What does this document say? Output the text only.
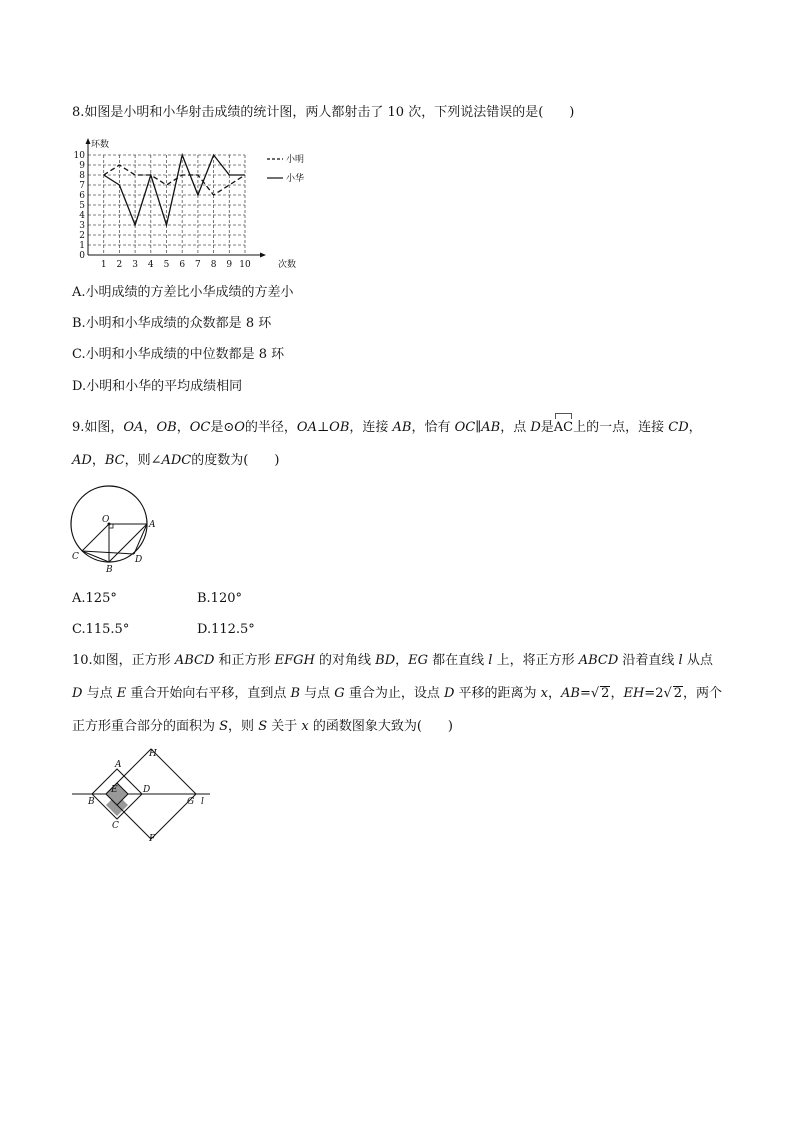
8.如图是小明和小华射击成绩的统计图，两人都射击了 10 次，下列说法错误的是( )
环数
次数
0
1
2
3
4
5
6
7
8
9
10
1 2 3 4 5 6 7 8 9 10
小明
小华
A.小明成绩的方差比小华成绩的方差小
B.小明和小华成绩的众数都是 8 环
C.小明和小华成绩的中位数都是 8 环
D.小明和小华的平均成绩相同
9.如图，OA，OB，OC是⊙O的半径，OA⊥OB，连接 AB，恰有 OC∥AB，点 D是AC上的一点，连接 CD，
AD，BC，则∠ADC的度数为( )
O	A
B
C	D
A.125°	B.120°
C.115.5°	D.112.5°
10.如图，正方形 ABCD 和正方形 EFGH 的对角线 BD，EG 都在直线 l 上，将正方形 ABCD 沿着直线 l 从点
D 与点 E 重合开始向右平移，直到点 B 与点 G 重合为止，设点 D 平移的距离为 x，AB=√ 2，EH=2√ 2，两个
正方形重合部分的面积为 S，则 S 关于 x 的函数图象大致为( )
A
B
C
D
E
F
G
H
l
